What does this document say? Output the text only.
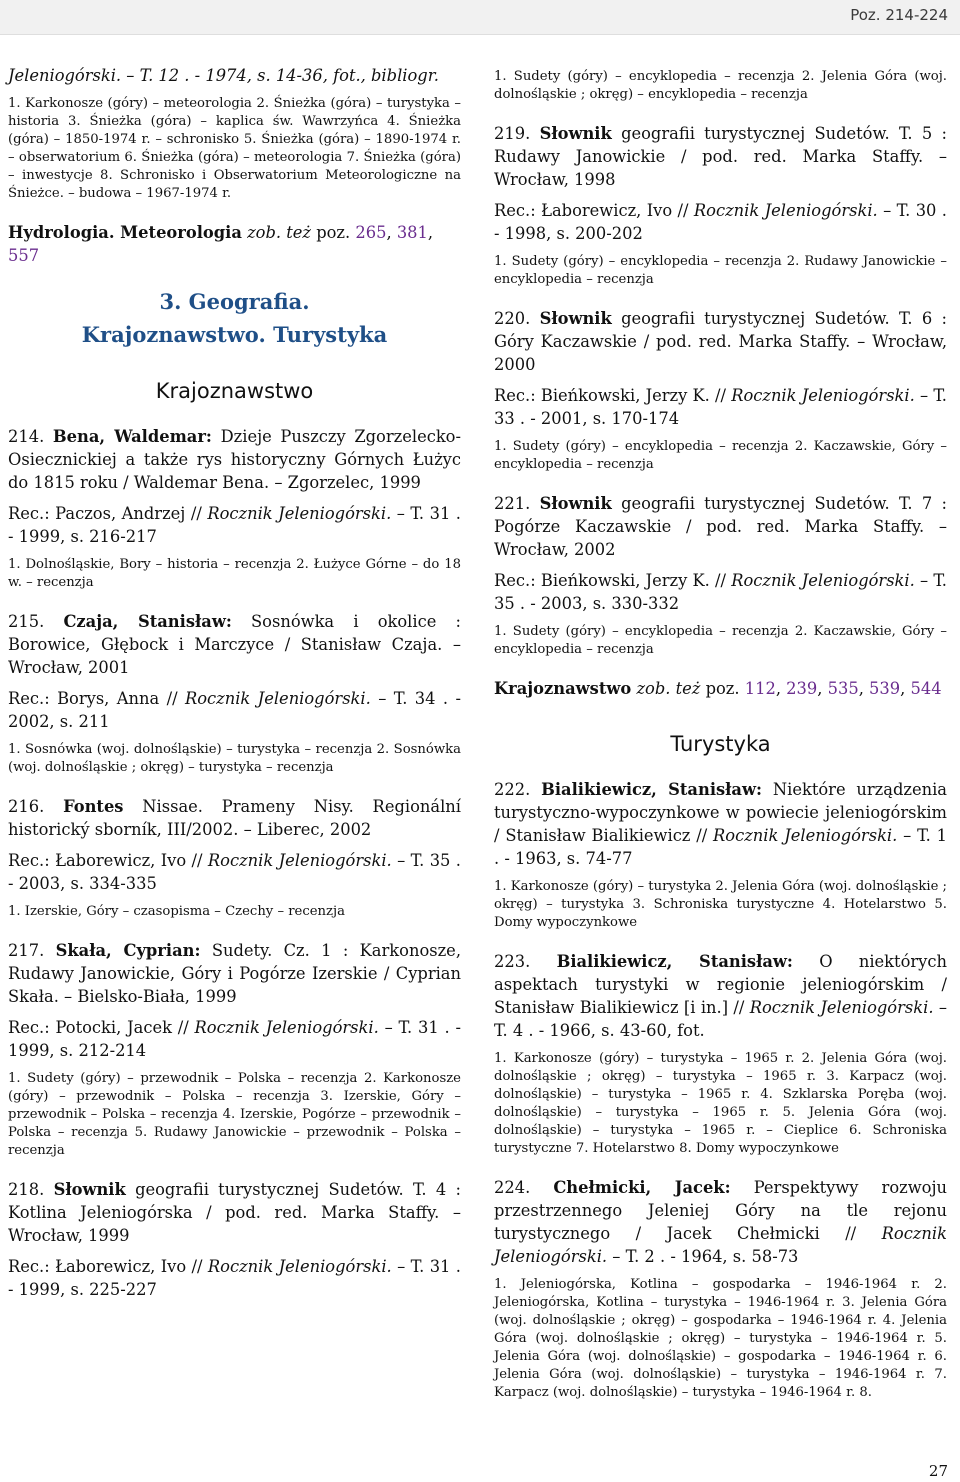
Poz. 214-224

Jeleniogórski. – T. 12 . - 1974, s. 14-36, fot., bibliogr.

1. Karkonosze (góry) – meteorologia 2. Śnieżka (góra) – turystyka – historia 3. Śnieżka (góra) – kaplica św. Wawrzyńca 4. Śnieżka (góra) – 1850-1974 r. – schronisko 5. Śnieżka (góra) – 1890-1974 r. – obserwatorium 6. Śnieżka (góra) – meteorologia 7. Śnieżka (góra) – inwestycje 8. Schronisko i Obserwatorium Meteorologiczne na Śnieżce. – budowa – 1967-1974 r.

Hydrologia. Meteorologia zob. też poz. 265, 381, 557

3. Geografia.

Krajoznawstwo. Turystyka

Krajoznawstwo

214. Bena, Waldemar: Dzieje Puszczy Zgorzelecko-Osiecznickiej a także rys historyczny Górnych Łużyc do 1815 roku / Waldemar Bena. – Zgorzelec, 1999

Rec.: Paczos, Andrzej // Rocznik Jeleniogórski. – T. 31 . - 1999, s. 216-217

1. Dolnośląskie, Bory – historia – recenzja 2. Łużyce Górne – do 18 w. – recenzja

215. Czaja, Stanisław: Sosnówka i okolice : Borowice, Głębock i Marczyce / Stanisław Czaja. – Wrocław, 2001

Rec.: Borys, Anna // Rocznik Jeleniogórski. – T. 34 . - 2002, s. 211

1. Sosnówka (woj. dolnośląskie) – turystyka – recenzja 2. Sosnówka (woj. dolnośląskie ; okręg) – turystyka – recenzja

216. Fontes Nissae. Prameny Nisy. Regionální historický sborník, III/2002. – Liberec, 2002

Rec.: Łaborewicz, Ivo // Rocznik Jeleniogórski. – T. 35 . - 2003, s. 334-335

1. Izerskie, Góry – czasopisma – Czechy – recenzja

217. Skała, Cyprian: Sudety. Cz. 1 : Karkonosze, Rudawy Janowickie, Góry i Pogórze Izerskie / Cyprian Skała. – Bielsko-Biała, 1999

Rec.: Potocki, Jacek // Rocznik Jeleniogórski. – T. 31 . - 1999, s. 212-214

1. Sudety (góry) – przewodnik – Polska – recenzja 2. Karkonosze (góry) – przewodnik – Polska – recenzja 3. Izerskie, Góry – przewodnik – Polska – recenzja 4. Izerskie, Pogórze – przewodnik – Polska – recenzja 5. Rudawy Janowickie – przewodnik – Polska – recenzja

218. Słownik geografii turystycznej Sudetów. T. 4 : Kotlina Jeleniogórska / pod. red. Marka Staffy. – Wrocław, 1999

Rec.: Łaborewicz, Ivo // Rocznik Jeleniogórski. – T. 31 . - 1999, s. 225-227

1. Sudety (góry) – encyklopedia – recenzja 2. Jelenia Góra (woj. dolnośląskie ; okręg) – encyklopedia – recenzja

219. Słownik geografii turystycznej Sudetów. T. 5 : Rudawy Janowickie / pod. red. Marka Staffy. – Wrocław, 1998

Rec.: Łaborewicz, Ivo // Rocznik Jeleniogórski. – T. 30 . - 1998, s. 200-202

1. Sudety (góry) – encyklopedia – recenzja 2. Rudawy Janowickie – encyklopedia – recenzja

220. Słownik geografii turystycznej Sudetów. T. 6 : Góry Kaczawskie / pod. red. Marka Staffy. – Wrocław, 2000

Rec.: Bieńkowski, Jerzy K. // Rocznik Jeleniogórski. – T. 33 . - 2001, s. 170-174

1. Sudety (góry) – encyklopedia – recenzja 2. Kaczawskie, Góry – encyklopedia – recenzja

221. Słownik geografii turystycznej Sudetów. T. 7 : Pogórze Kaczawskie / pod. red. Marka Staffy. – Wrocław, 2002

Rec.: Bieńkowski, Jerzy K. // Rocznik Jeleniogórski. – T. 35 . - 2003, s. 330-332

1. Sudety (góry) – encyklopedia – recenzja 2. Kaczawskie, Góry – encyklopedia – recenzja

Krajoznawstwo zob. też poz. 112, 239, 535, 539, 544

Turystyka

222. Bialikiewicz, Stanisław: Niektóre urządzenia turystyczno-wypoczynkowe w powiecie jeleniogórskim / Stanisław Bialikiewicz // Rocznik Jeleniogórski. – T. 1 . - 1963, s. 74-77

1. Karkonosze (góry) – turystyka 2. Jelenia Góra (woj. dolnośląskie ; okręg) – turystyka 3. Schroniska turystyczne 4. Hotelarstwo 5. Domy wypoczynkowe

223. Bialikiewicz, Stanisław: O niektórych aspektach turystyki w regionie jeleniogórskim / Stanisław Bialikiewicz [i in.] // Rocznik Jeleniogórski. – T. 4 . - 1966, s. 43-60, fot.

1. Karkonosze (góry) – turystyka – 1965 r. 2. Jelenia Góra (woj. dolnośląskie ; okręg) – turystyka – 1965 r. 3. Karpacz (woj. dolnośląskie) – turystyka – 1965 r. 4. Szklarska Poręba (woj. dolnośląskie) – turystyka – 1965 r. 5. Jelenia Góra (woj. dolnośląskie) – turystyka – 1965 r. – Cieplice 6. Schroniska turystyczne 7. Hotelarstwo 8. Domy wypoczynkowe

224. Chełmicki, Jacek: Perspektywy rozwoju przestrzennego Jeleniej Góry na tle rejonu turystycznego / Jacek Chełmicki // Rocznik Jeleniogórski. – T. 2 . - 1964, s. 58-73

1. Jeleniogórska, Kotlina – gospodarka – 1946-1964 r. 2. Jeleniogórska, Kotlina – turystyka – 1946-1964 r. 3. Jelenia Góra (woj. dolnośląskie ; okręg) – gospodarka – 1946-1964 r. 4. Jelenia Góra (woj. dolnośląskie ; okręg) – turystyka – 1946-1964 r. 5. Jelenia Góra (woj. dolnośląskie) – gospodarka – 1946-1964 r. 6. Jelenia Góra (woj. dolnośląskie) – turystyka – 1946-1964 r. 7. Karpacz (woj. dolnośląskie) – turystyka – 1946-1964 r. 8.

27
